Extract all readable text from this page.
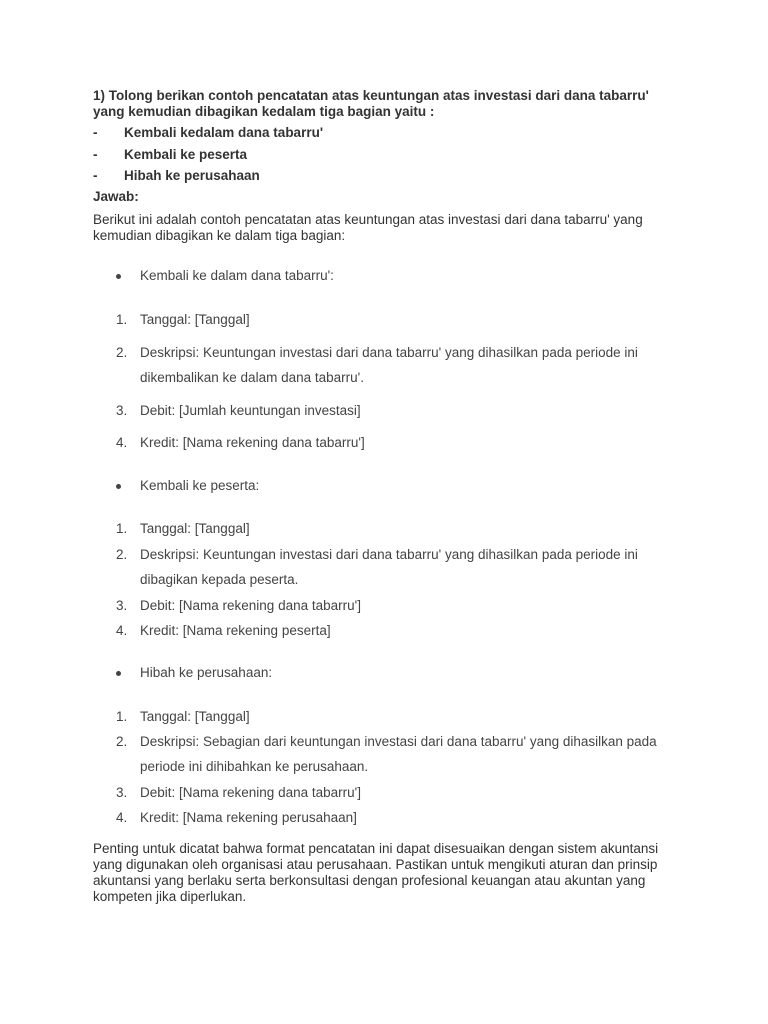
1) Tolong berikan contoh pencatatan atas keuntungan atas investasi dari dana tabarru'
yang kemudian dibagikan kedalam tiga bagian yaitu :
- Kembali kedalam dana tabarru'
- Kembali ke peserta
- Hibah ke perusahaan
Jawab:
Berikut ini adalah contoh pencatatan atas keuntungan atas investasi dari dana tabarru' yang
kemudian dibagikan ke dalam tiga bagian:
Kembali ke dalam dana tabarru':
1. Tanggal: [Tanggal]
2. Deskripsi: Keuntungan investasi dari dana tabarru' yang dihasilkan pada periode ini
dikembalikan ke dalam dana tabarru'.
3. Debit: [Jumlah keuntungan investasi]
4. Kredit: [Nama rekening dana tabarru']
Kembali ke peserta:
1. Tanggal: [Tanggal]
2. Deskripsi: Keuntungan investasi dari dana tabarru' yang dihasilkan pada periode ini
dibagikan kepada peserta.
3. Debit: [Nama rekening dana tabarru']
4. Kredit: [Nama rekening peserta]
Hibah ke perusahaan:
1. Tanggal: [Tanggal]
2. Deskripsi: Sebagian dari keuntungan investasi dari dana tabarru' yang dihasilkan pada
periode ini dihibahkan ke perusahaan.
3. Debit: [Nama rekening dana tabarru']
4. Kredit: [Nama rekening perusahaan]
Penting untuk dicatat bahwa format pencatatan ini dapat disesuaikan dengan sistem akuntansi
yang digunakan oleh organisasi atau perusahaan. Pastikan untuk mengikuti aturan dan prinsip
akuntansi yang berlaku serta berkonsultasi dengan profesional keuangan atau akuntan yang
kompeten jika diperlukan.
